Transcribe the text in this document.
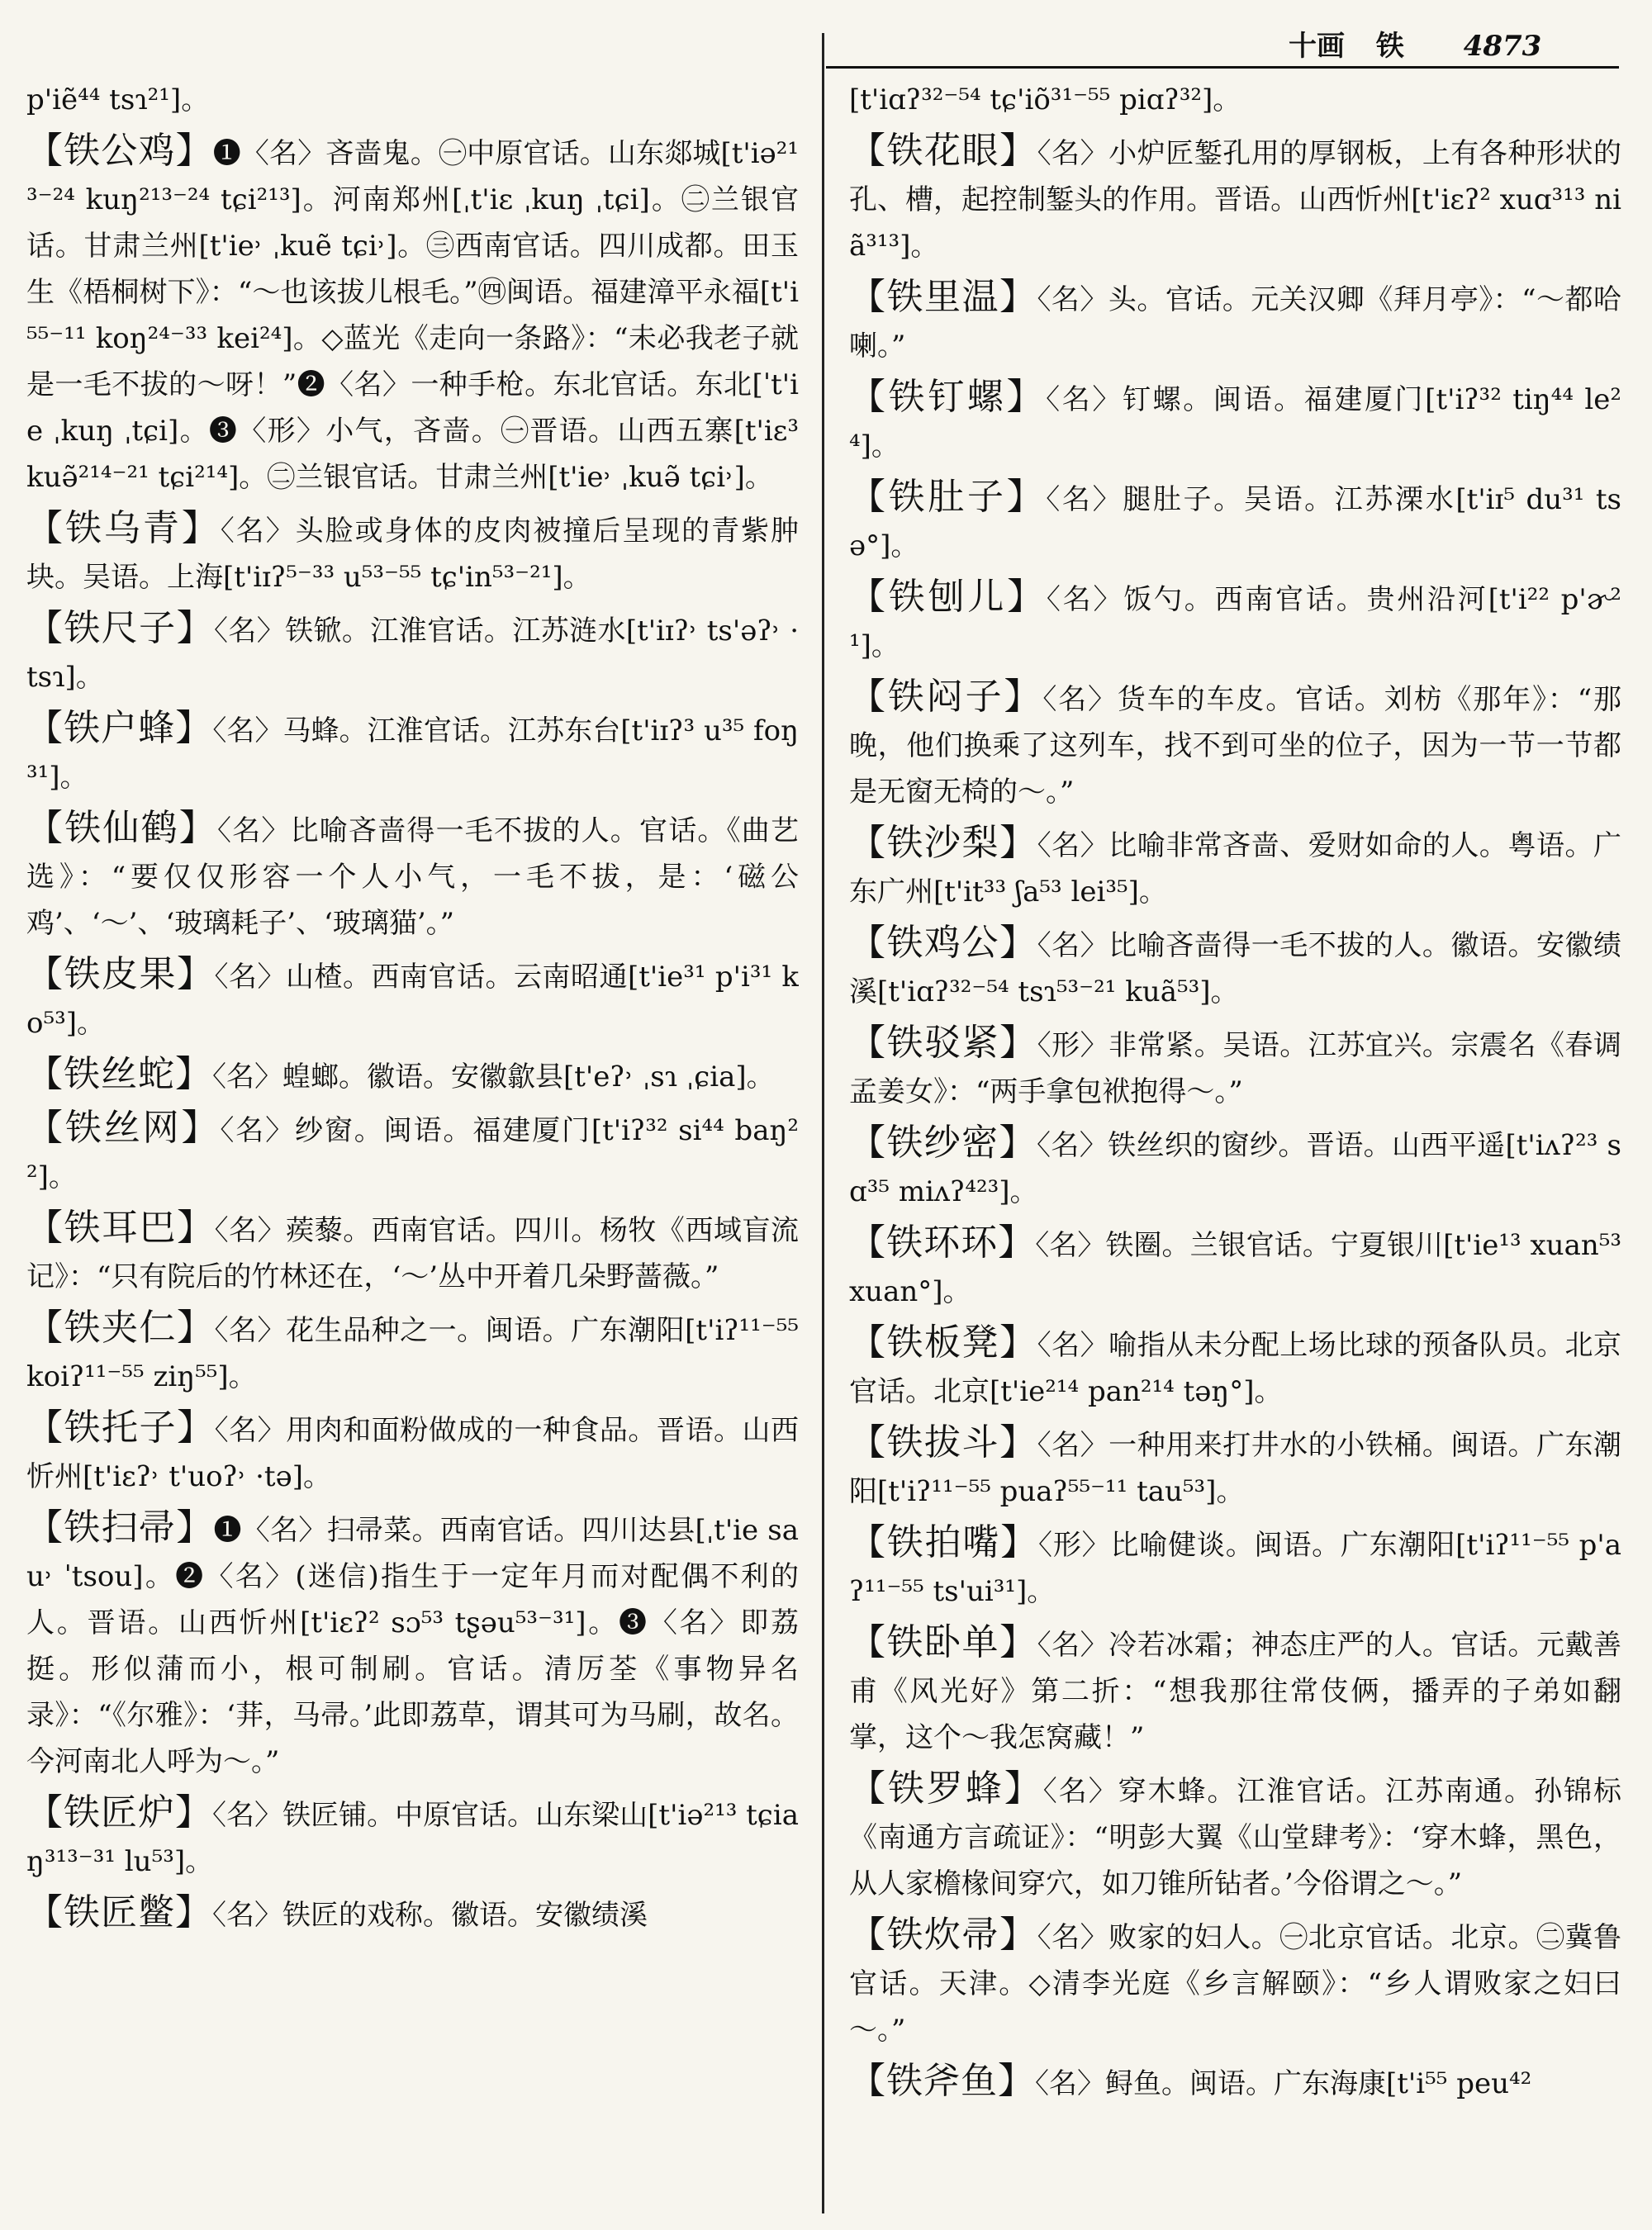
十画 铁 4873

p'iẽ⁴⁴ tsɿ²¹]。

【铁公鸡】❶〈名〉吝啬鬼。㊀中原官话。山东郯城[t'iə²¹³⁻²⁴ kuŋ²¹³⁻²⁴ tɕi²¹³]。河南郑州[ˌt'iɛ ˌkuŋ ˌtɕi]。㊁兰银官话。甘肃兰州[t'ie˒ ˌkuẽ tɕi˒]。㊂西南官话。四川成都。田玉生《梧桐树下》：“～也该拔儿根毛。”㊃闽语。福建漳平永福[t'i⁵⁵⁻¹¹ koŋ²⁴⁻³³ kei²⁴]。◇蓝光《走向一条路》：“未必我老子就是一毛不拔的～呀！”❷〈名〉一种手枪。东北官话。东北[ˈt'ie ˌkuŋ ˌtɕi]。❸〈形〉小气，吝啬。㊀晋语。山西五寨[t'iɛ³ kuə̃²¹⁴⁻²¹ tɕi²¹⁴]。㊁兰银官话。甘肃兰州[t'ie˒ ˌkuə̃ tɕi˒]。

【铁乌青】〈名〉头脸或身体的皮肉被撞后呈现的青紫肿块。吴语。上海[t'iɪʔ⁵⁻³³ u⁵³⁻⁵⁵ tɕ'in⁵³⁻²¹]。

【铁尺子】〈名〉铁锨。江淮官话。江苏涟水[t'iɪʔ˒ ts'əʔ˒ ·tsɿ]。

【铁户蜂】〈名〉马蜂。江淮官话。江苏东台[t'iɪʔ³ u³⁵ foŋ³¹]。

【铁仙鹤】〈名〉比喻吝啬得一毛不拔的人。官话。《曲艺选》：“要仅仅形容一个人小气，一毛不拔，是：‘磁公鸡’、‘～’、‘玻璃耗子’、‘玻璃猫’。”

【铁皮果】〈名〉山楂。西南官话。云南昭通[t'ie³¹ p'i³¹ ko⁵³]。

【铁丝蛇】〈名〉蝗螂。徽语。安徽歙县[t'eʔ˒ ˌsɿ ˌɕia]。

【铁丝网】〈名〉纱窗。闽语。福建厦门[t'iʔ³² si⁴⁴ baŋ²²]。

【铁耳巴】〈名〉蒺藜。西南官话。四川。杨牧《西域盲流记》：“只有院后的竹林还在，‘～’丛中开着几朵野蔷薇。”

【铁夹仁】〈名〉花生品种之一。闽语。广东潮阳[t'iʔ¹¹⁻⁵⁵ koiʔ¹¹⁻⁵⁵ ziŋ⁵⁵]。

【铁托子】〈名〉用肉和面粉做成的一种食品。晋语。山西忻州[t'iɛʔ˒ t'uoʔ˒ ·tə]。

【铁扫帚】❶〈名〉扫帚菜。西南官话。四川达县[ˌt'ie sau˒ ˈtsou]。❷〈名〉(迷信)指生于一定年月而对配偶不利的人。晋语。山西忻州[t'iɛʔ² sɔ⁵³ tʂəu⁵³⁻³¹]。❸〈名〉即荔挺。形似蒲而小，根可制刷。官话。清厉荃《事物异名录》：“《尔雅》：‘荓，马帚。’此即荔草，谓其可为马刷，故名。今河南北人呼为～。”

【铁匠炉】〈名〉铁匠铺。中原官话。山东梁山[t'iə²¹³ tɕiaŋ³¹³⁻³¹ lu⁵³]。

【铁匠鳖】〈名〉铁匠的戏称。徽语。安徽绩溪

[t'iɑʔ³²⁻⁵⁴ tɕ'iõ³¹⁻⁵⁵ piɑʔ³²]。

【铁花眼】〈名〉小炉匠錾孔用的厚钢板，上有各种形状的孔、槽，起控制錾头的作用。晋语。山西忻州[t'iɛʔ² xuɑ³¹³ niã³¹³]。

【铁里温】〈名〉头。官话。元关汉卿《拜月亭》：“～都哈喇。”

【铁钉螺】〈名〉钉螺。闽语。福建厦门[t'iʔ³² tiŋ⁴⁴ le²⁴]。

【铁肚子】〈名〉腿肚子。吴语。江苏溧水[t'iɪ⁵ du³¹ tsə°]。

【铁刨儿】〈名〉饭勺。西南官话。贵州沿河[t'i²² p'ɚ²¹]。

【铁闷子】〈名〉货车的车皮。官话。刘枋《那年》：“那晚，他们换乘了这列车，找不到可坐的位子，因为一节一节都是无窗无椅的～。”

【铁沙梨】〈名〉比喻非常吝啬、爱财如命的人。粤语。广东广州[t'it³³ ʃa⁵³ lei³⁵]。

【铁鸡公】〈名〉比喻吝啬得一毛不拔的人。徽语。安徽绩溪[t'iɑʔ³²⁻⁵⁴ tsɿ⁵³⁻²¹ kuã⁵³]。

【铁驳紧】〈形〉非常紧。吴语。江苏宜兴。宗震名《春调孟姜女》：“两手拿包袱抱得～。”

【铁纱密】〈名〉铁丝织的窗纱。晋语。山西平遥[t'iʌʔ²³ sɑ³⁵ miʌʔ⁴²³]。

【铁环环】〈名〉铁圈。兰银官话。宁夏银川[t'ie¹³ xuan⁵³ xuan°]。

【铁板凳】〈名〉喻指从未分配上场比球的预备队员。北京官话。北京[t'ie²¹⁴ pan²¹⁴ təŋ°]。

【铁拔斗】〈名〉一种用来打井水的小铁桶。闽语。广东潮阳[t'iʔ¹¹⁻⁵⁵ puaʔ⁵⁵⁻¹¹ tau⁵³]。

【铁拍嘴】〈形〉比喻健谈。闽语。广东潮阳[t'iʔ¹¹⁻⁵⁵ p'aʔ¹¹⁻⁵⁵ ts'ui³¹]。

【铁卧单】〈名〉冷若冰霜；神态庄严的人。官话。元戴善甫《风光好》第二折：“想我那往常伎俩，播弄的子弟如翻掌，这个～我怎窝藏！”

【铁罗蜂】〈名〉穿木蜂。江淮官话。江苏南通。孙锦标《南通方言疏证》：“明彭大翼《山堂肆考》：‘穿木蜂，黑色，从人家檐椽间穿穴，如刀锥所钻者。’今俗谓之～。”

【铁炊帚】〈名〉败家的妇人。㊀北京官话。北京。㊁冀鲁官话。天津。◇清李光庭《乡言解颐》：“乡人谓败家之妇曰～。”

【铁斧鱼】〈名〉鲟鱼。闽语。广东海康[t'i⁵⁵ peu⁴²
